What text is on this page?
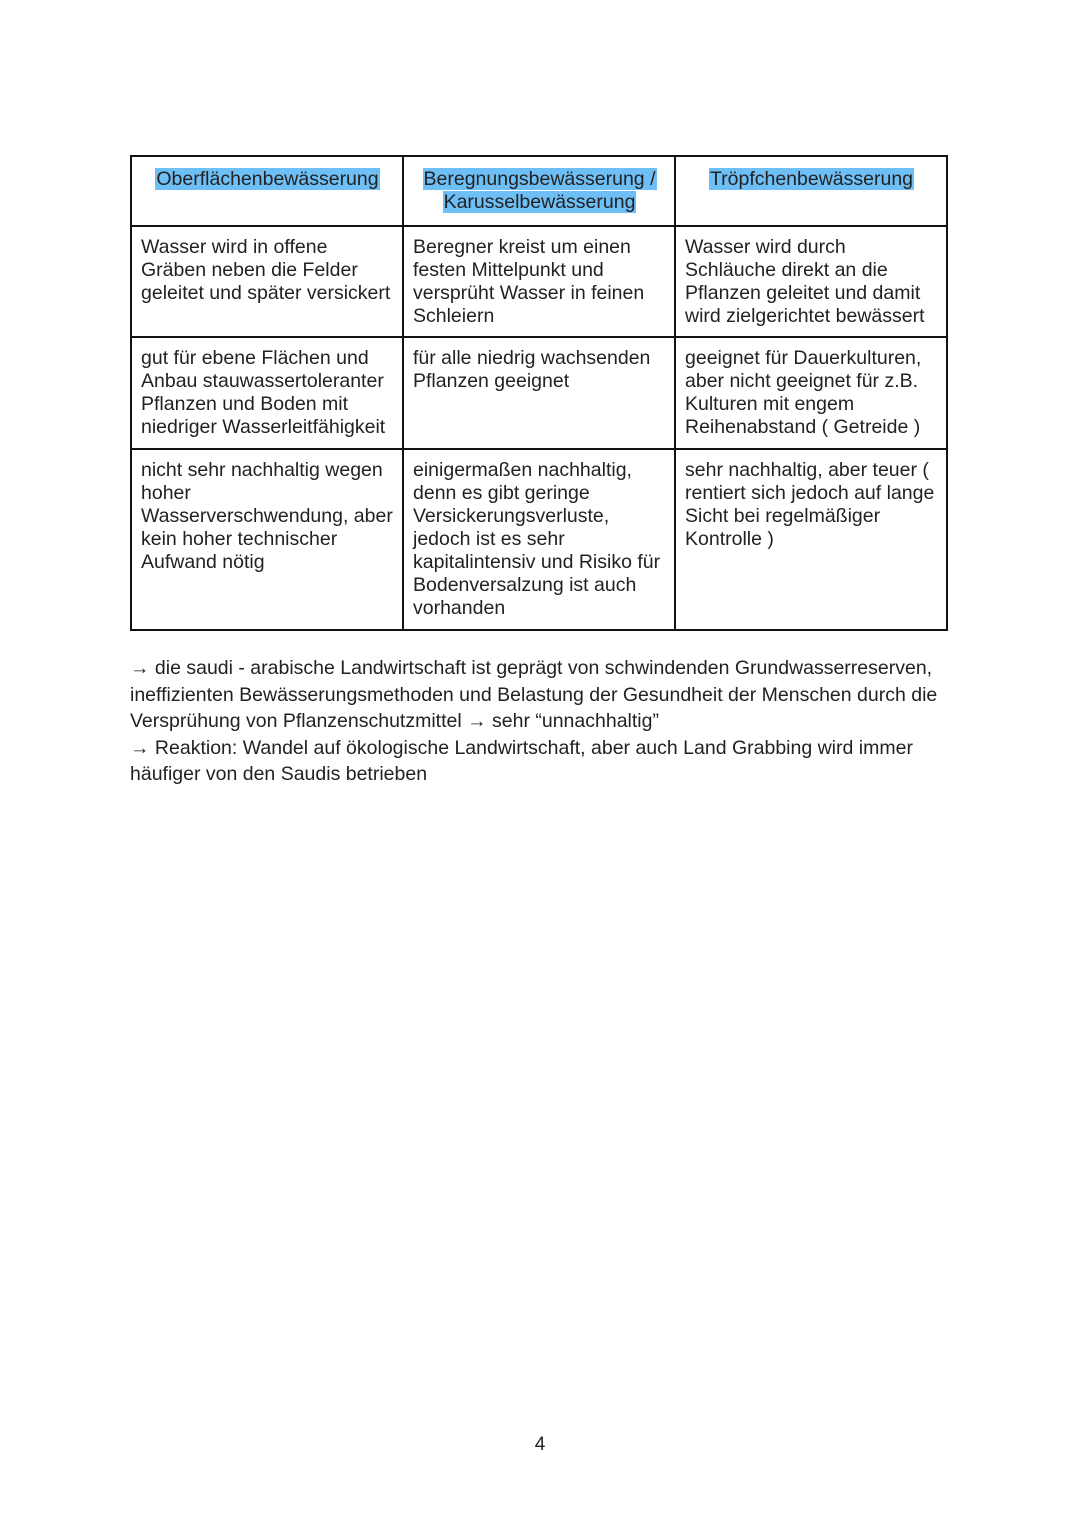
Oberflächenbewässerung	Beregnungsbewässerung / Karusselbewässerung	Tröpfchenbewässerung
Wasser wird in offene Gräben neben die Felder geleitet und später versickert	Beregner kreist um einen festen Mittelpunkt und versprüht Wasser in feinen Schleiern	Wasser wird durch Schläuche direkt an die Pflanzen geleitet und damit wird zielgerichtet bewässert
gut für ebene Flächen und Anbau stauwassertoleranter Pflanzen und Boden mit niedriger Wasserleitfähigkeit	für alle niedrig wachsenden Pflanzen geeignet	geeignet für Dauerkulturen, aber nicht geeignet für z.B. Kulturen mit engem Reihenabstand ( Getreide )
nicht sehr nachhaltig wegen hoher Wasserverschwendung, aber kein hoher technischer Aufwand nötig	einigermaßen nachhaltig, denn es gibt geringe Versickerungsverluste, jedoch ist es sehr kapitalintensiv und Risiko für Bodenversalzung ist auch vorhanden	sehr nachhaltig, aber teuer ( rentiert sich jedoch auf lange Sicht bei regelmäßiger Kontrolle )

→ die saudi - arabische Landwirtschaft ist geprägt von schwindenden Grundwasserreserven, ineffizienten Bewässerungsmethoden und Belastung der Gesundheit der Menschen durch die Versprühung von Pflanzenschutzmittel → sehr “unnachhaltig”

→ Reaktion: Wandel auf ökologische Landwirtschaft, aber auch Land Grabbing wird immer häufiger von den Saudis betrieben

4
